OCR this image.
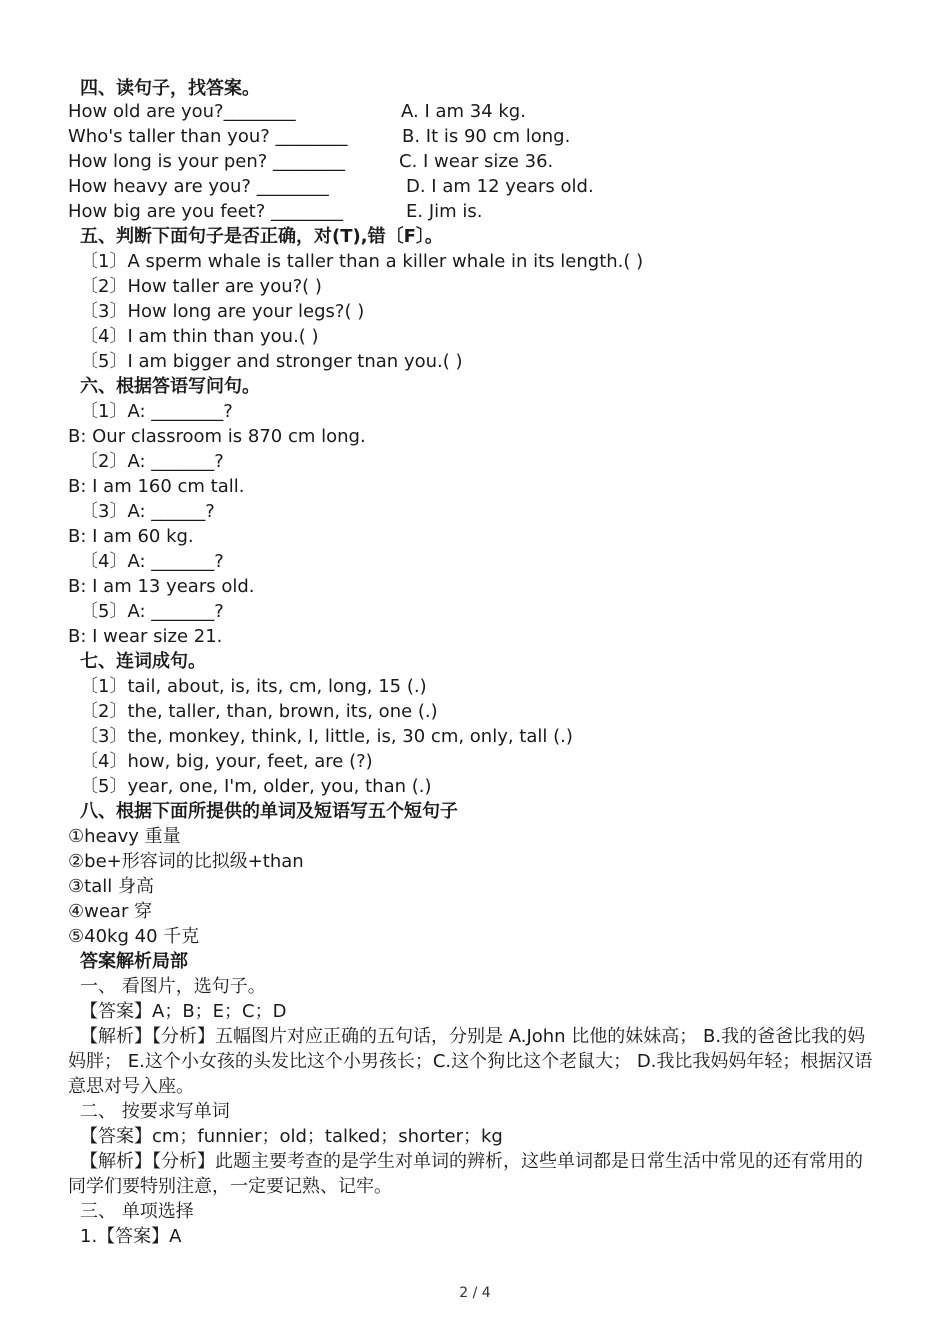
四、读句子，找答案。
How old are you?________	A. I am 34 kg.
Who's taller than you? ________	B. It is 90 cm long.
How long is your pen? ________	C. I wear size 36.
How heavy are you? ________	D. I am 12 years old.
How big are you feet? ________	E. Jim is.
五、判断下面句子是否正确，对(T),错〔F〕。
〔1〕A sperm whale is taller than a killer whale in its length.( )
〔2〕How taller are you?( )
〔3〕How long are your legs?( )
〔4〕I am thin than you.( )
〔5〕I am bigger and stronger tnan you.( )
六、根据答语写问句。
〔1〕A: ________?
B: Our classroom is 870 cm long.
〔2〕A: _______?
B: I am 160 cm tall.
〔3〕A: ______?
B: I am 60 kg.
〔4〕A: _______?
B: I am 13 years old.
〔5〕A: _______?
B: I wear size 21.
七、连词成句。
〔1〕tail, about, is, its, cm, long, 15 (.)
〔2〕the, taller, than, brown, its, one (.)
〔3〕the, monkey, think, I, little, is, 30 cm, only, tall (.)
〔4〕how, big, your, feet, are (?)
〔5〕year, one, I'm, older, you, than (.)
八、根据下面所提供的单词及短语写五个短句子
①heavy 重量
②be+形容词的比拟级+than
③tall 身高
④wear 穿
⑤40kg 40 千克
答案解析局部
一、 看图片，选句子。
【答案】A；B；E；C；D
【解析】【分析】五幅图片对应正确的五句话，分别是 A.John 比他的妹妹高； B.我的爸爸比我的妈妈胖； E.这个小女孩的头发比这个小男孩长；C.这个狗比这个老鼠大； D.我比我妈妈年轻；根据汉语意思对号入座。
二、 按要求写单词
【答案】cm；funnier；old；talked；shorter；kg
【解析】【分析】此题主要考查的是学生对单词的辨析，这些单词都是日常生活中常见的还有常用的同学们要特别注意，一定要记熟、记牢。
三、 单项选择
1.【答案】A
2 / 4
